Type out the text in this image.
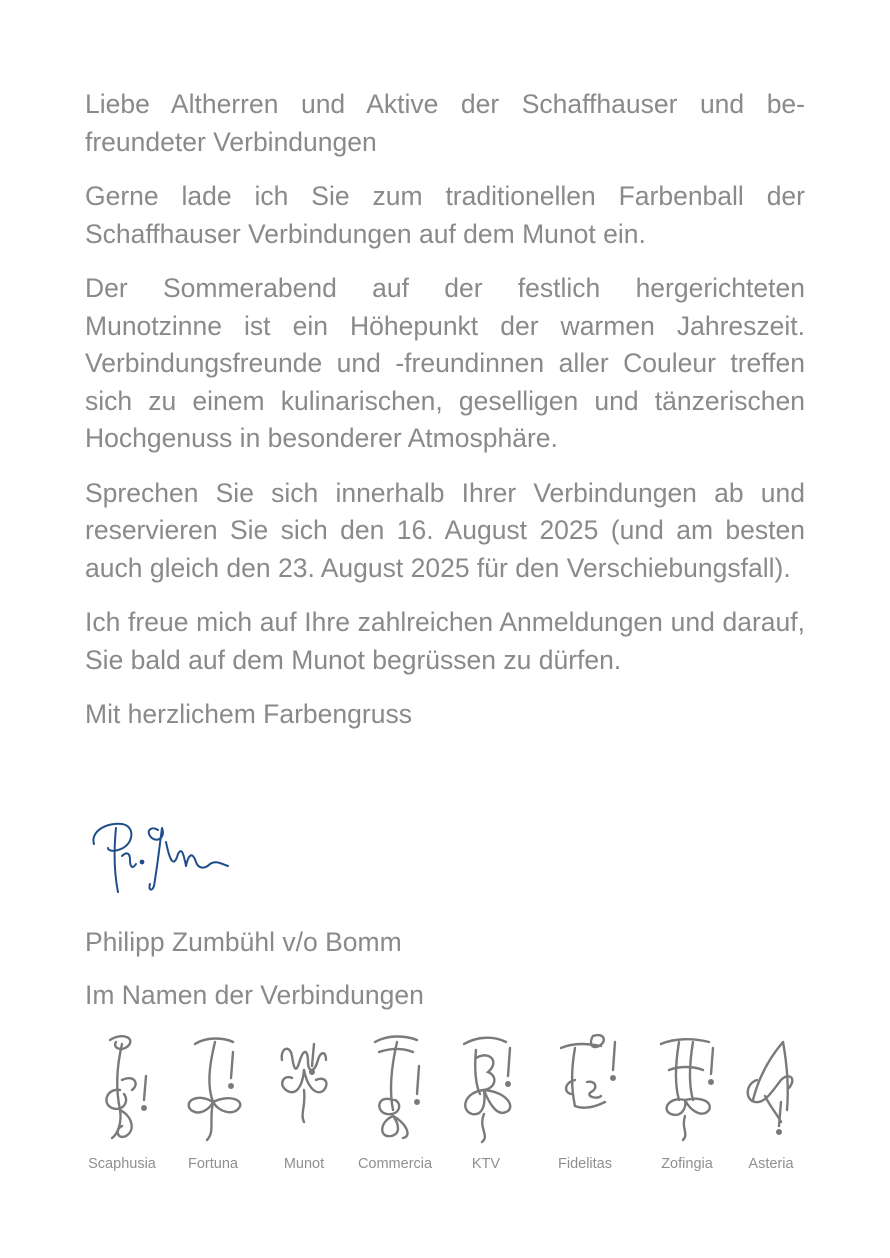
Liebe Altherren und Aktive der Schaffhauser und befreundeter Verbindungen

Gerne lade ich Sie zum traditionellen Farbenball der Schaffhauser Verbindungen auf dem Munot ein.

Der Sommerabend auf der festlich hergerichteten Munotzinne ist ein Höhepunkt der warmen Jahreszeit. Verbindungsfreunde und -freundinnen aller Couleur treffen sich zu einem kulinarischen, geselligen und tänzerischen Hochgenuss in besonderer Atmosphäre.

Sprechen Sie sich innerhalb Ihrer Verbindungen ab und reservieren Sie sich den 16. August 2025 (und am besten auch gleich den 23. August 2025 für den Verschiebungsfall).

Ich freue mich auf Ihre zahlreichen Anmeldungen und darauf, Sie bald auf dem Munot begrüssen zu dürfen.

Mit herzlichem Farbengruss

Philipp Zumbühl v/o Bomm
Im Namen der Verbindungen
Scaphusia	Fortuna	Munot	Commercia	KTV	Fidelitas	Zofingia	Asteria
